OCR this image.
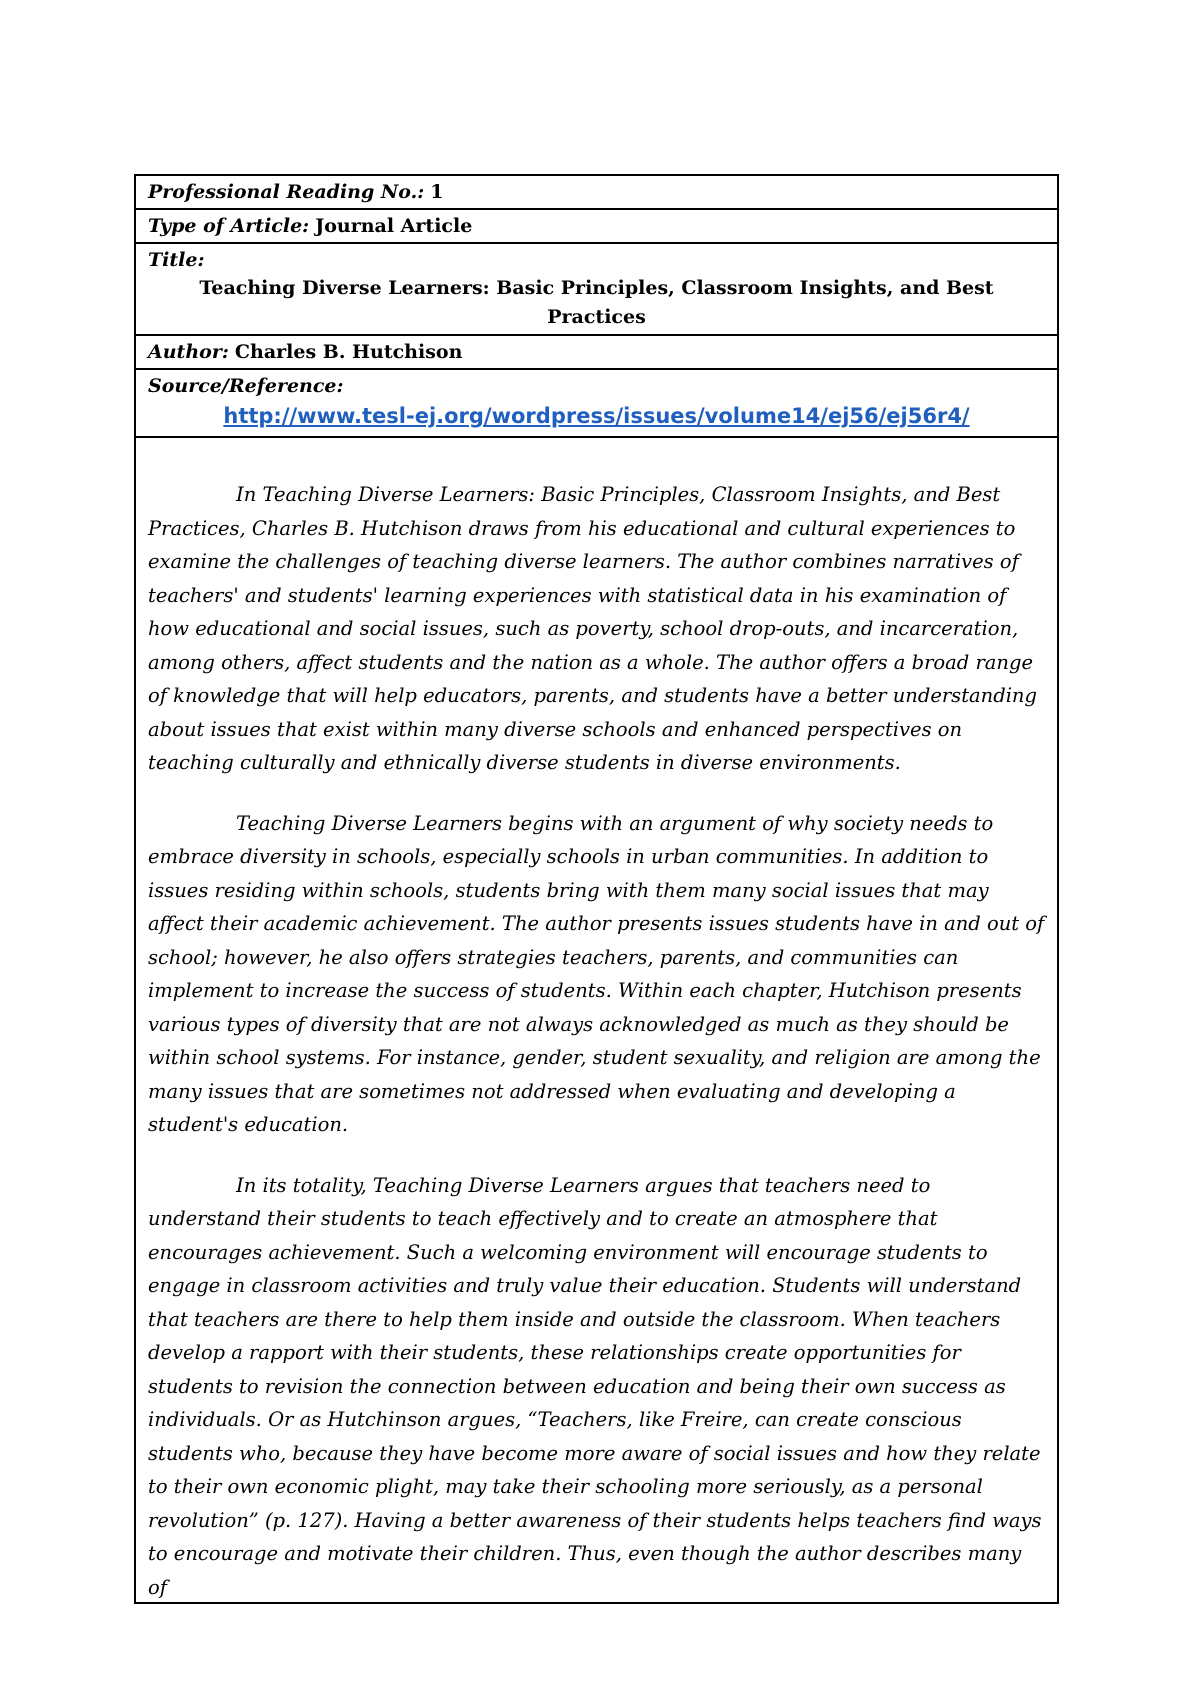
Professional Reading No.: 1
Type of Article: Journal Article
Title:
Teaching Diverse Learners: Basic Principles, Classroom Insights, and Best Practices
Author: Charles B. Hutchison
Source/Reference:
http://www.tesl-ej.org/wordpress/issues/volume14/ej56/ej56r4/

In Teaching Diverse Learners: Basic Principles, Classroom Insights, and Best Practices, Charles B. Hutchison draws from his educational and cultural experiences to examine the challenges of teaching diverse learners. The author combines narratives of teachers' and students' learning experiences with statistical data in his examination of how educational and social issues, such as poverty, school drop-outs, and incarceration, among others, affect students and the nation as a whole. The author offers a broad range of knowledge that will help educators, parents, and students have a better understanding about issues that exist within many diverse schools and enhanced perspectives on teaching culturally and ethnically diverse students in diverse environments.

Teaching Diverse Learners begins with an argument of why society needs to embrace diversity in schools, especially schools in urban communities. In addition to issues residing within schools, students bring with them many social issues that may affect their academic achievement. The author presents issues students have in and out of school; however, he also offers strategies teachers, parents, and communities can implement to increase the success of students. Within each chapter, Hutchison presents various types of diversity that are not always acknowledged as much as they should be within school systems. For instance, gender, student sexuality, and religion are among the many issues that are sometimes not addressed when evaluating and developing a student's education.

In its totality, Teaching Diverse Learners argues that teachers need to understand their students to teach effectively and to create an atmosphere that encourages achievement. Such a welcoming environment will encourage students to engage in classroom activities and truly value their education. Students will understand that teachers are there to help them inside and outside the classroom. When teachers develop a rapport with their students, these relationships create opportunities for students to revision the connection between education and being their own success as individuals. Or as Hutchinson argues, “Teachers, like Freire, can create conscious students who, because they have become more aware of social issues and how they relate to their own economic plight, may take their schooling more seriously, as a personal revolution” (p. 127). Having a better awareness of their students helps teachers find ways to encourage and motivate their children. Thus, even though the author describes many of
